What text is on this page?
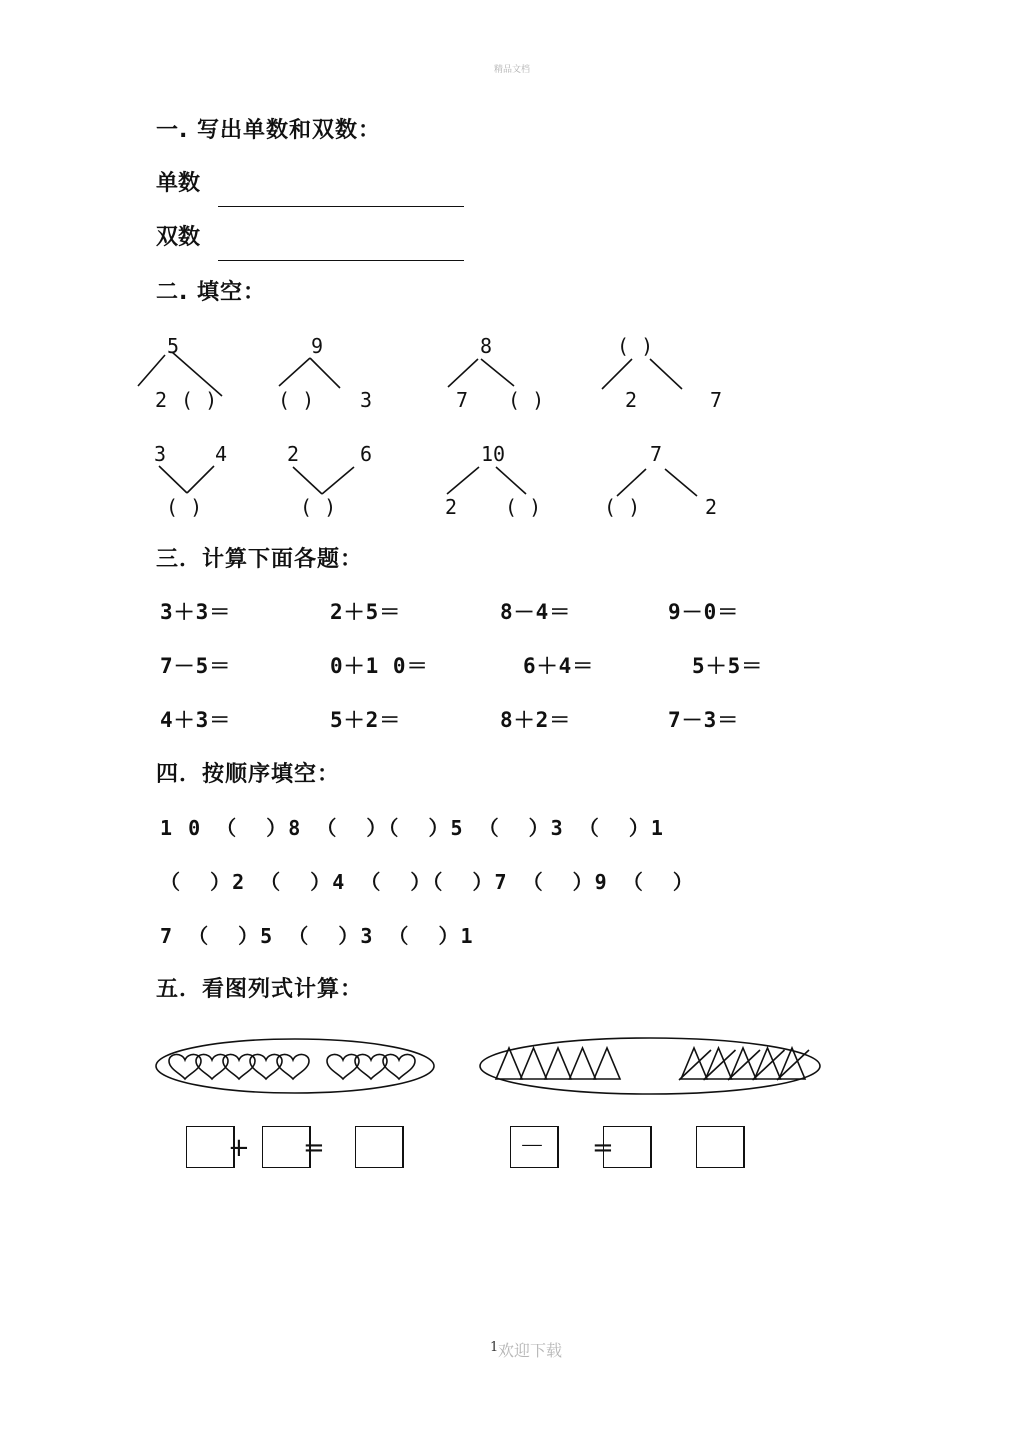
精品文档
一. 写出单数和双数：
单数
双数
二. 填空：
5
2 ( )
9
( ) 3
8
7 ( )
( )
2	7
3 4
( )
2	6
( )
10
2 ( )
7
( )	2
三．计算下面各题：
3＋3＝	2＋5＝	8－4＝	9－0＝
7－5＝	0＋1 0＝	6＋4＝	5＋5＝
4＋3＝	5＋2＝	8＋2＝	7－3＝
四．按顺序填空：
1 0 （  ）8 （  ）（  ）5 （  ）3 （  ）1
（  ）2 （  ）4 （  ）（  ）7 （  ）9 （  ）
7 （  ）5 （  ）3 （  ）1
五．看图列式计算：
+ =	－ =
1 欢迎下载
